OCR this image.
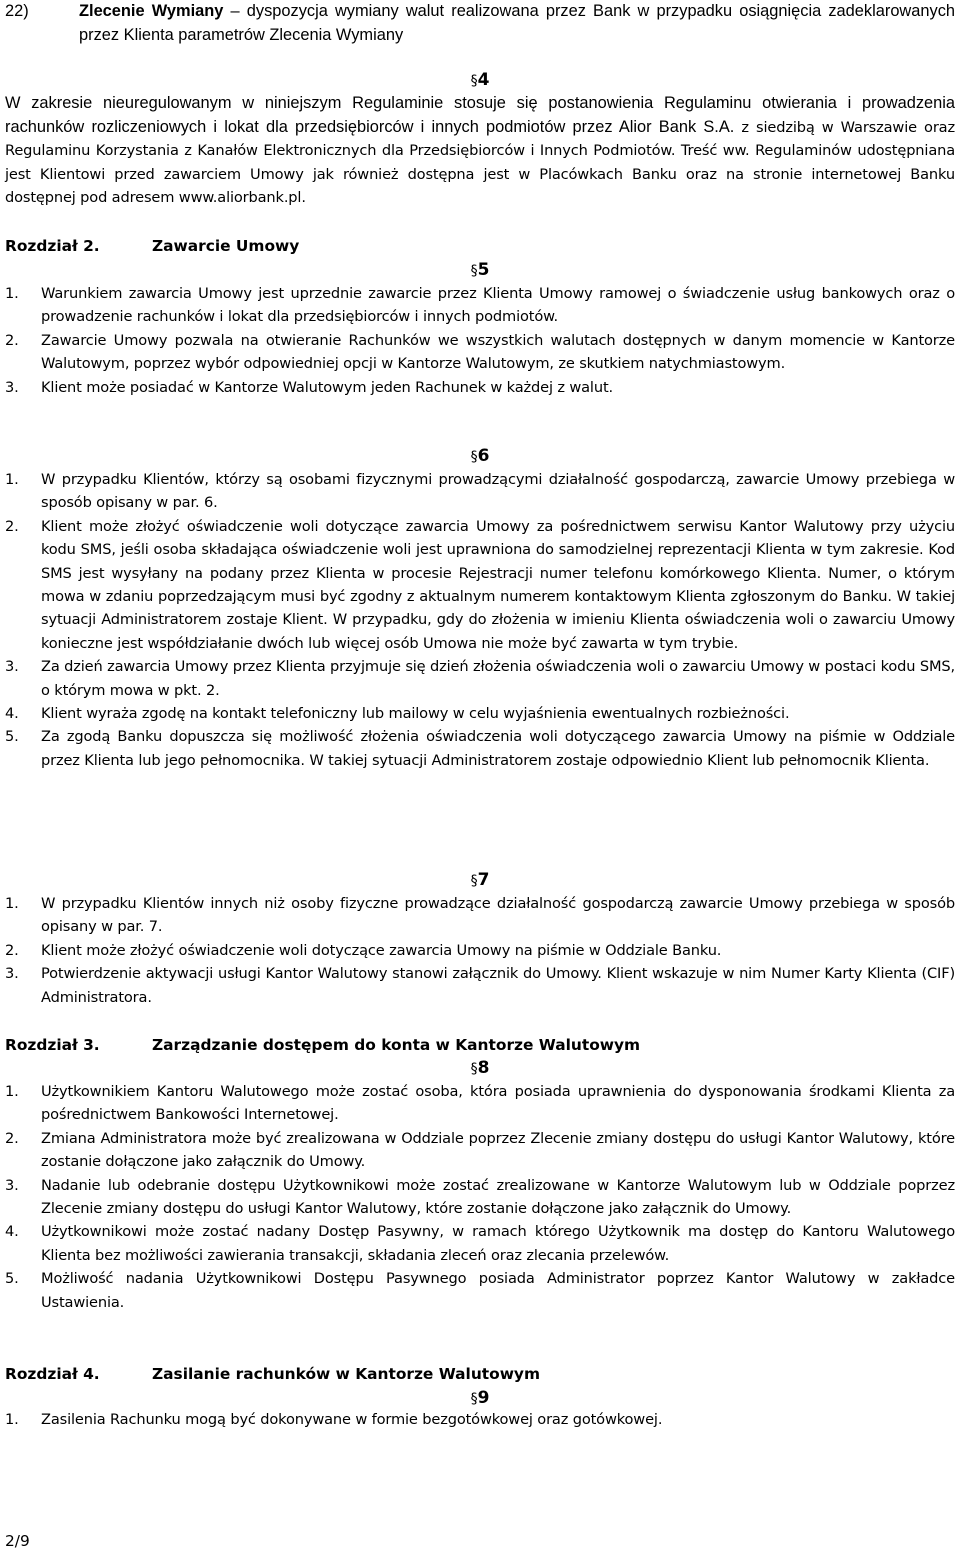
22)	Zlecenie Wymiany – dyspozycja wymiany walut realizowana przez Bank w przypadku osiągnięcia zadeklarowanych przez Klienta parametrów Zlecenia Wymiany
§4
W zakresie nieuregulowanym w niniejszym Regulaminie stosuje się postanowienia Regulaminu otwierania i prowadzenia rachunków rozliczeniowych i lokat dla przedsiębiorców i innych podmiotów przez Alior Bank S.A. z siedzibą w Warszawie oraz Regulaminu Korzystania z Kanałów Elektronicznych dla Przedsiębiorców i Innych Podmiotów. Treść ww. Regulaminów udostępniana jest Klientowi przed zawarciem Umowy jak również dostępna jest w Placówkach Banku oraz na stronie internetowej Banku dostępnej pod adresem www.aliorbank.pl.
Rozdział 2.	Zawarcie Umowy
§5
1.	Warunkiem zawarcia Umowy jest uprzednie zawarcie przez Klienta Umowy ramowej o świadczenie usług bankowych oraz o prowadzenie rachunków i lokat dla przedsiębiorców i innych podmiotów.
2.	Zawarcie Umowy pozwala na otwieranie Rachunków we wszystkich walutach dostępnych w danym momencie w Kantorze Walutowym, poprzez wybór odpowiedniej opcji w Kantorze Walutowym, ze skutkiem natychmiastowym.
3.	Klient może posiadać w Kantorze Walutowym jeden Rachunek w każdej z walut.
§6
1.	W przypadku Klientów, którzy są osobami fizycznymi prowadzącymi działalność gospodarczą, zawarcie Umowy przebiega w sposób opisany w par. 6.
2.	Klient może złożyć oświadczenie woli dotyczące zawarcia Umowy za pośrednictwem serwisu Kantor Walutowy przy użyciu kodu SMS, jeśli osoba składająca oświadczenie woli jest uprawniona do samodzielnej reprezentacji Klienta w tym zakresie. Kod SMS jest wysyłany na podany przez Klienta w procesie Rejestracji numer telefonu komórkowego Klienta. Numer, o którym mowa w zdaniu poprzedzającym musi być zgodny z aktualnym numerem kontaktowym Klienta zgłoszonym do Banku. W takiej sytuacji Administratorem zostaje Klient. W przypadku, gdy do złożenia w imieniu Klienta oświadczenia woli o zawarciu Umowy konieczne jest współdziałanie dwóch lub więcej osób Umowa nie może być zawarta w tym trybie.
3.	Za dzień zawarcia Umowy przez Klienta przyjmuje się dzień złożenia oświadczenia woli o zawarciu Umowy w postaci kodu SMS, o którym mowa w pkt. 2.
4.	Klient wyraża zgodę na kontakt telefoniczny lub mailowy w celu wyjaśnienia ewentualnych rozbieżności.
5.	Za zgodą Banku dopuszcza się możliwość złożenia oświadczenia woli dotyczącego zawarcia Umowy na piśmie w Oddziale przez Klienta lub jego pełnomocnika. W takiej sytuacji Administratorem zostaje odpowiednio Klient lub pełnomocnik Klienta.
§7
1.	W przypadku Klientów innych niż osoby fizyczne prowadzące działalność gospodarczą zawarcie Umowy przebiega w sposób opisany w par. 7.
2.	Klient może złożyć oświadczenie woli dotyczące zawarcia Umowy na piśmie w Oddziale Banku.
3.	Potwierdzenie aktywacji usługi Kantor Walutowy stanowi załącznik do Umowy. Klient wskazuje w nim Numer Karty Klienta (CIF) Administratora.
Rozdział 3.	Zarządzanie dostępem do konta w Kantorze Walutowym
§8
1.	Użytkownikiem Kantoru Walutowego może zostać osoba, która posiada uprawnienia do dysponowania środkami Klienta za pośrednictwem Bankowości Internetowej.
2.	Zmiana Administratora może być zrealizowana w Oddziale poprzez Zlecenie zmiany dostępu do usługi Kantor Walutowy, które zostanie dołączone jako załącznik do Umowy.
3.	Nadanie lub odebranie dostępu Użytkownikowi może zostać zrealizowane w Kantorze Walutowym lub w Oddziale poprzez Zlecenie zmiany dostępu do usługi Kantor Walutowy, które zostanie dołączone jako załącznik do Umowy.
4.	Użytkownikowi może zostać nadany Dostęp Pasywny, w ramach którego Użytkownik ma dostęp do Kantoru Walutowego Klienta bez możliwości zawierania transakcji, składania zleceń oraz zlecania przelewów.
5.	Możliwość nadania Użytkownikowi Dostępu Pasywnego posiada Administrator poprzez Kantor Walutowy w zakładce Ustawienia.
Rozdział 4.	Zasilanie rachunków w Kantorze Walutowym
§9
1.	Zasilenia Rachunku mogą być dokonywane w formie bezgotówkowej oraz gotówkowej.
2/9
